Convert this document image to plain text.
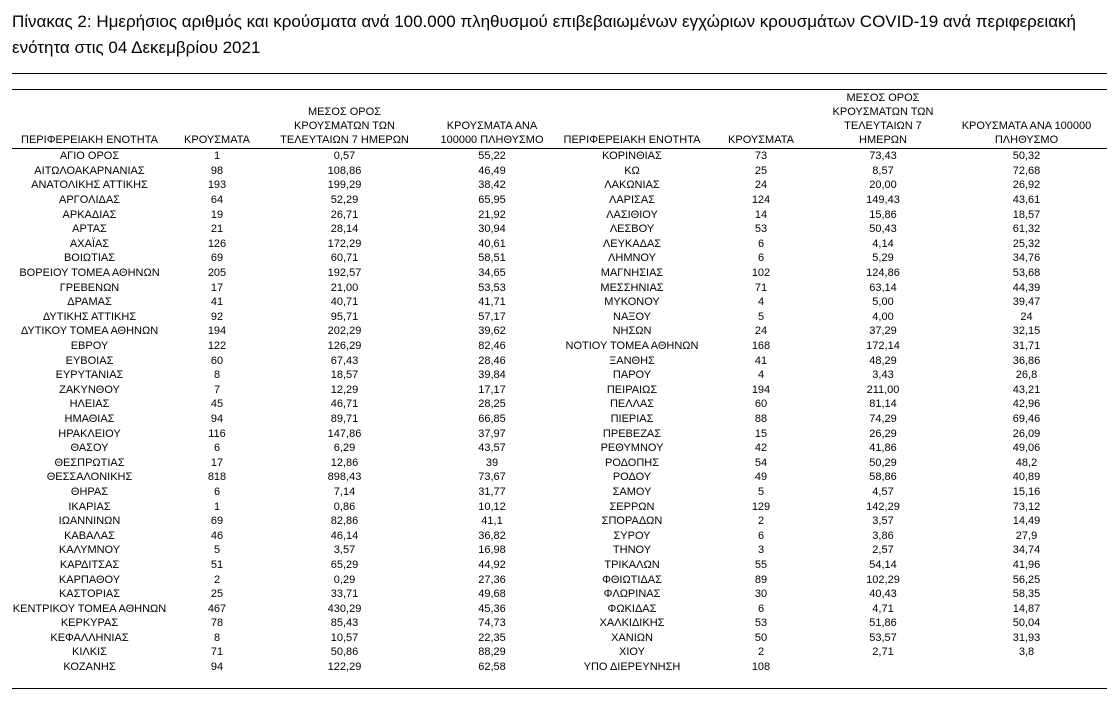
Πίνακας 2: Ημερήσιος αριθμός και κρούσματα ανά 100.000 πληθυσμού επιβεβαιωμένων εγχώριων κρουσμάτων COVID-19 ανά περιφερειακή ενότητα στις 04 Δεκεμβρίου 2021
ΠΕΡΙΦΕΡΕΙΑΚΗ ΕΝΟΤΗΤΑ	ΚΡΟΥΣΜΑΤΑ	ΜΕΣΟΣ ΟΡΟΣ ΚΡΟΥΣΜΑΤΩΝ ΤΩΝ ΤΕΛΕΥΤΑΙΩΝ 7 ΗΜΕΡΩΝ	ΚΡΟΥΣΜΑΤΑ ΑΝΑ 100000 ΠΛΗΘΥΣΜΟ	ΠΕΡΙΦΕΡΕΙΑΚΗ ΕΝΟΤΗΤΑ	ΚΡΟΥΣΜΑΤΑ	ΜΕΣΟΣ ΟΡΟΣ ΚΡΟΥΣΜΑΤΩΝ ΤΩΝ ΤΕΛΕΥΤΑΙΩΝ 7 ΗΜΕΡΩΝ	ΚΡΟΥΣΜΑΤΑ ΑΝΑ 100000 ΠΛΗΘΥΣΜΟ
ΑΓΙΟ ΟΡΟΣ	1	0,57	55,22	ΚΟΡΙΝΘΙΑΣ	73	73,43	50,32
ΑΙΤΩΛΟΑΚΑΡΝΑΝΙΑΣ	98	108,86	46,49	ΚΩ	25	8,57	72,68
ΑΝΑΤΟΛΙΚΗΣ ΑΤΤΙΚΗΣ	193	199,29	38,42	ΛΑΚΩΝΙΑΣ	24	20,00	26,92
ΑΡΓΟΛΙΔΑΣ	64	52,29	65,95	ΛΑΡΙΣΑΣ	124	149,43	43,61
ΑΡΚΑΔΙΑΣ	19	26,71	21,92	ΛΑΣΙΘΙΟΥ	14	15,86	18,57
ΑΡΤΑΣ	21	28,14	30,94	ΛΕΣΒΟΥ	53	50,43	61,32
ΑΧΑΪΑΣ	126	172,29	40,61	ΛΕΥΚΑΔΑΣ	6	4,14	25,32
ΒΟΙΩΤΙΑΣ	69	60,71	58,51	ΛΗΜΝΟΥ	6	5,29	34,76
ΒΟΡΕΙΟΥ ΤΟΜΕΑ ΑΘΗΝΩΝ	205	192,57	34,65	ΜΑΓΝΗΣΙΑΣ	102	124,86	53,68
ΓΡΕΒΕΝΩΝ	17	21,00	53,53	ΜΕΣΣΗΝΙΑΣ	71	63,14	44,39
ΔΡΑΜΑΣ	41	40,71	41,71	ΜΥΚΟΝΟΥ	4	5,00	39,47
ΔΥΤΙΚΗΣ ΑΤΤΙΚΗΣ	92	95,71	57,17	ΝΑΞΟΥ	5	4,00	24
ΔΥΤΙΚΟΥ ΤΟΜΕΑ ΑΘΗΝΩΝ	194	202,29	39,62	ΝΗΣΩΝ	24	37,29	32,15
ΕΒΡΟΥ	122	126,29	82,46	ΝΟΤΙΟΥ ΤΟΜΕΑ ΑΘΗΝΩΝ	168	172,14	31,71
ΕΥΒΟΙΑΣ	60	67,43	28,46	ΞΑΝΘΗΣ	41	48,29	36,86
ΕΥΡΥΤΑΝΙΑΣ	8	18,57	39,84	ΠΑΡΟΥ	4	3,43	26,8
ΖΑΚΥΝΘΟΥ	7	12,29	17,17	ΠΕΙΡΑΙΩΣ	194	211,00	43,21
ΗΛΕΙΑΣ	45	46,71	28,25	ΠΕΛΛΑΣ	60	81,14	42,96
ΗΜΑΘΙΑΣ	94	89,71	66,85	ΠΙΕΡΙΑΣ	88	74,29	69,46
ΗΡΑΚΛΕΙΟΥ	116	147,86	37,97	ΠΡΕΒΕΖΑΣ	15	26,29	26,09
ΘΑΣΟΥ	6	6,29	43,57	ΡΕΘΥΜΝΟΥ	42	41,86	49,06
ΘΕΣΠΡΩΤΙΑΣ	17	12,86	39	ΡΟΔΟΠΗΣ	54	50,29	48,2
ΘΕΣΣΑΛΟΝΙΚΗΣ	818	898,43	73,67	ΡΟΔΟΥ	49	58,86	40,89
ΘΗΡΑΣ	6	7,14	31,77	ΣΑΜΟΥ	5	4,57	15,16
ΙΚΑΡΙΑΣ	1	0,86	10,12	ΣΕΡΡΩΝ	129	142,29	73,12
ΙΩΑΝΝΙΝΩΝ	69	82,86	41,1	ΣΠΟΡΑΔΩΝ	2	3,57	14,49
ΚΑΒΑΛΑΣ	46	46,14	36,82	ΣΥΡΟΥ	6	3,86	27,9
ΚΑΛΥΜΝΟΥ	5	3,57	16,98	ΤΗΝΟΥ	3	2,57	34,74
ΚΑΡΔΙΤΣΑΣ	51	65,29	44,92	ΤΡΙΚΑΛΩΝ	55	54,14	41,96
ΚΑΡΠΑΘΟΥ	2	0,29	27,36	ΦΘΙΩΤΙΔΑΣ	89	102,29	56,25
ΚΑΣΤΟΡΙΑΣ	25	33,71	49,68	ΦΛΩΡΙΝΑΣ	30	40,43	58,35
ΚΕΝΤΡΙΚΟΥ ΤΟΜΕΑ ΑΘΗΝΩΝ	467	430,29	45,36	ΦΩΚΙΔΑΣ	6	4,71	14,87
ΚΕΡΚΥΡΑΣ	78	85,43	74,73	ΧΑΛΚΙΔΙΚΗΣ	53	51,86	50,04
ΚΕΦΑΛΛΗΝΙΑΣ	8	10,57	22,35	ΧΑΝΙΩΝ	50	53,57	31,93
ΚΙΛΚΙΣ	71	50,86	88,29	ΧΙΟΥ	2	2,71	3,8
ΚΟΖΑΝΗΣ	94	122,29	62,58	ΥΠΟ ΔΙΕΡΕΥΝΗΣΗ	108		
